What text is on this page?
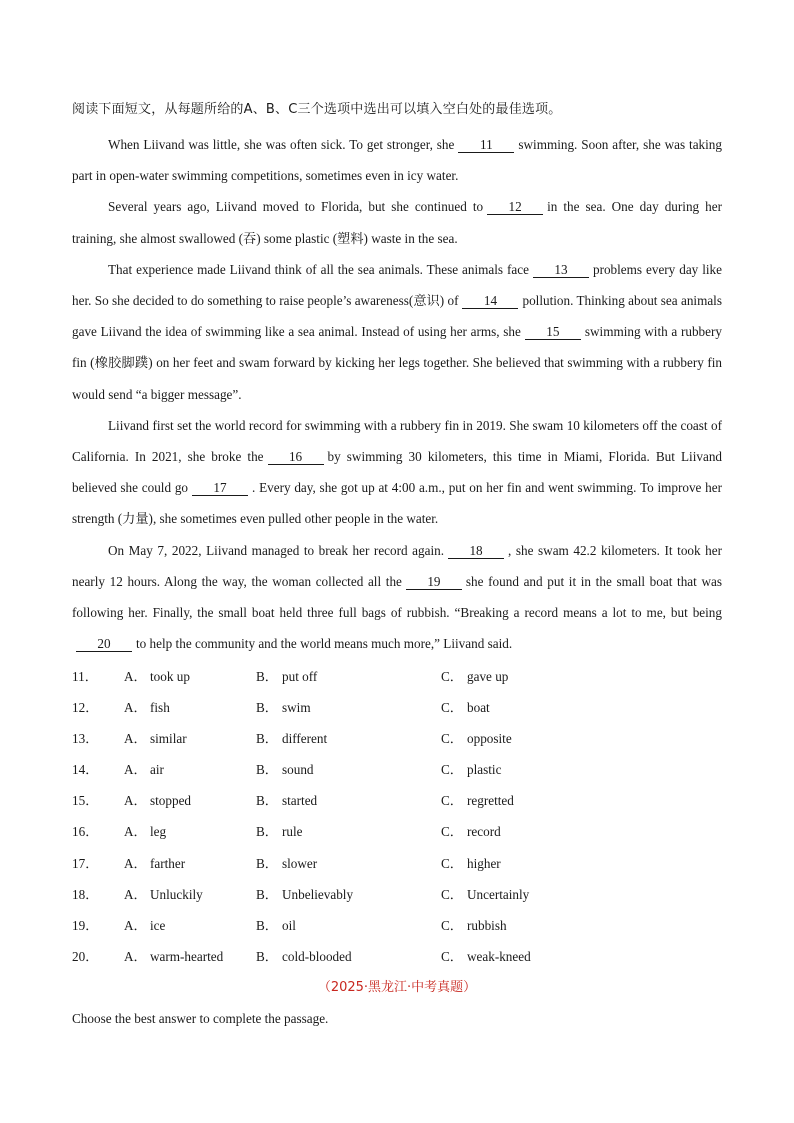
阅读下面短文，从每题所给的A、B、C三个选项中选出可以填入空白处的最佳选项。

When Liivand was little, she was often sick. To get stronger, she 11 swimming. Soon after, she was taking part in open-water swimming competitions, sometimes even in icy water.

Several years ago, Liivand moved to Florida, but she continued to 12 in the sea. One day during her training, she almost swallowed (吞) some plastic (塑料) waste in the sea.

That experience made Liivand think of all the sea animals. These animals face 13 problems every day like her. So she decided to do something to raise people’s awareness(意识) of 14 pollution. Thinking about sea animals gave Liivand the idea of swimming like a sea animal. Instead of using her arms, she 15 swimming with a rubbery fin (橡胶脚蹼) on her feet and swam forward by kicking her legs together. She believed that swimming with a rubbery fin would send “a bigger message”.

Liivand first set the world record for swimming with a rubbery fin in 2019. She swam 10 kilometers off the coast of California. In 2021, she broke the 16 by swimming 30 kilometers, this time in Miami, Florida. But Liivand believed she could go 17 . Every day, she got up at 4:00 a.m., put on her fin and went swimming. To improve her strength (力量), she sometimes even pulled other people in the water.

On May 7, 2022, Liivand managed to break her record again. 18 , she swam 42.2 kilometers. It took her nearly 12 hours. Along the way, the woman collected all the 19 she found and put it in the small boat that was following her. Finally, the small boat held three full bags of rubbish. “Breaking a record means a lot to me, but being20 to help the community and the world means much more,” Liivand said.

11．	A． took up	B． put off	C． gave up
12．	A． fish	B． swim	C． boat
13．	A． similar	B． different	C． opposite
14．	A． air	B． sound	C． plastic
15．	A． stopped	B． started	C． regretted
16．	A． leg	B． rule	C． record
17．	A． farther	B． slower	C． higher
18．	A． Unluckily	B． Unbelievably	C． Uncertainly
19．	A． ice	B． oil	C． rubbish
20．	A． warm-hearted	B． cold-blooded	C． weak-kneed
（2025·黑龙江·中考真题）
Choose the best answer to complete the passage.
